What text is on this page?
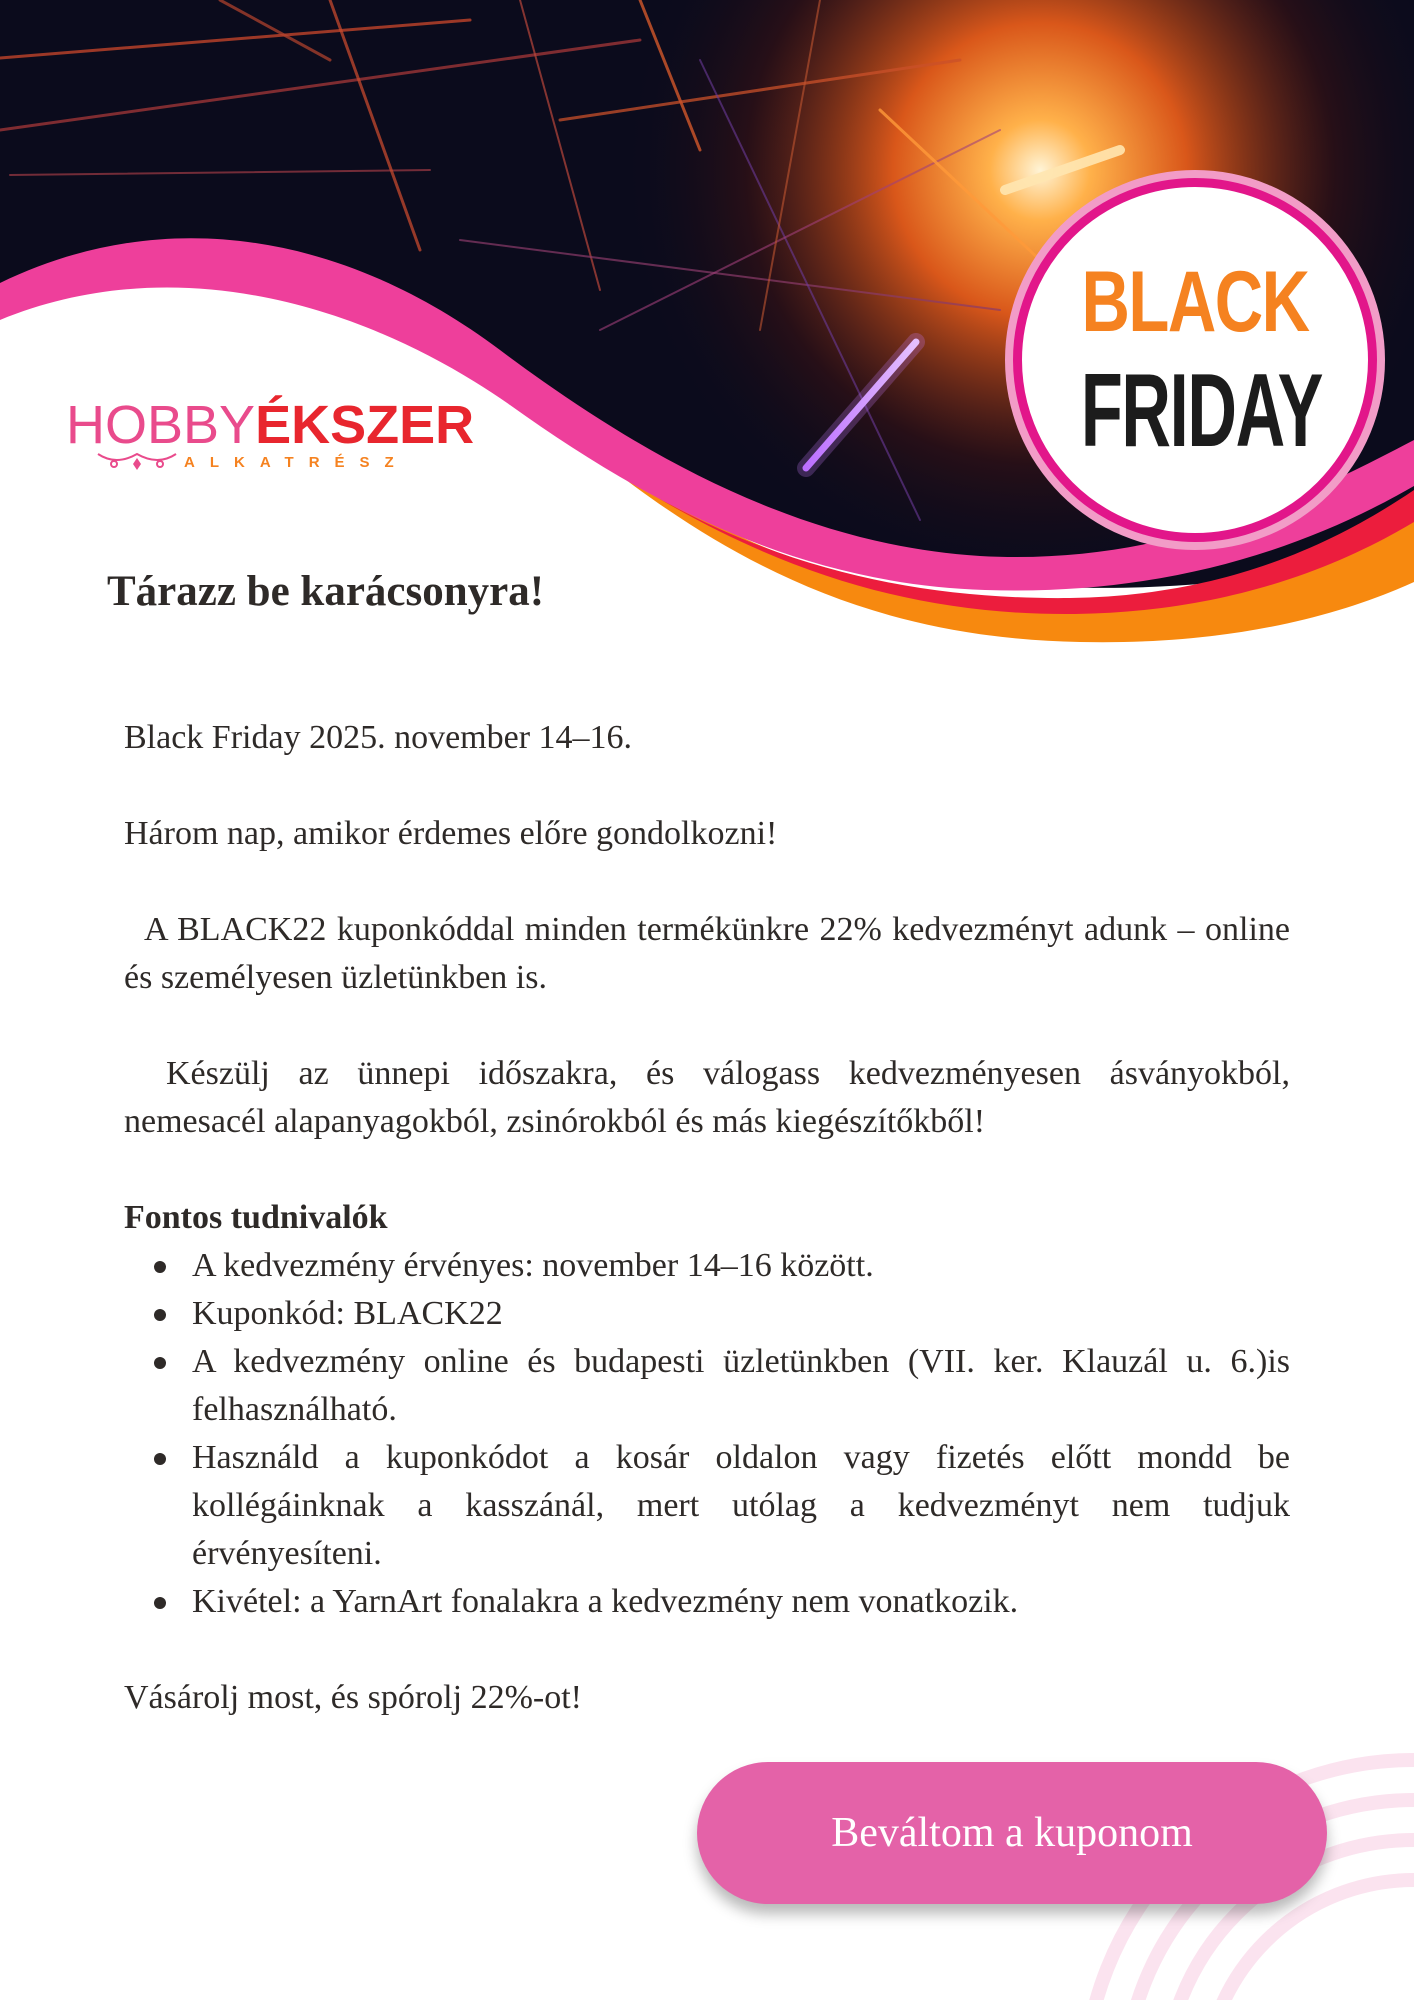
HOBBYÉKSZER
ALKATRÉSZ
BLACK
FRIDAY
Tárazz be karácsonyra!

Black Friday 2025. november 14–16.

Három nap, amikor érdemes előre gondolkozni!

A BLACK22 kuponkóddal minden termékünkre 22% kedvezményt adunk – online és személyesen üzletünkben is.

Készülj az ünnepi időszakra, és válogass kedvezményesen ásványokból, nemesacél alapanyagokból, zsinórokból és más kiegészítőkből!

Fontos tudnivalók

A kedvezmény érvényes: november 14–16 között.
Kuponkód: BLACK22
A kedvezmény online és budapesti üzletünkben (VII. ker. Klauzál u. 6.)is felhasználható.
Használd a kuponkódot a kosár oldalon vagy fizetés előtt mondd be kollégáinknak a kasszánál, mert utólag a kedvezményt nem tudjuk érvényesíteni.
Kivétel: a YarnArt fonalakra a kedvezmény nem vonatkozik.

Vásárolj most, és spórolj 22%-ot!

Beváltom a kuponom
